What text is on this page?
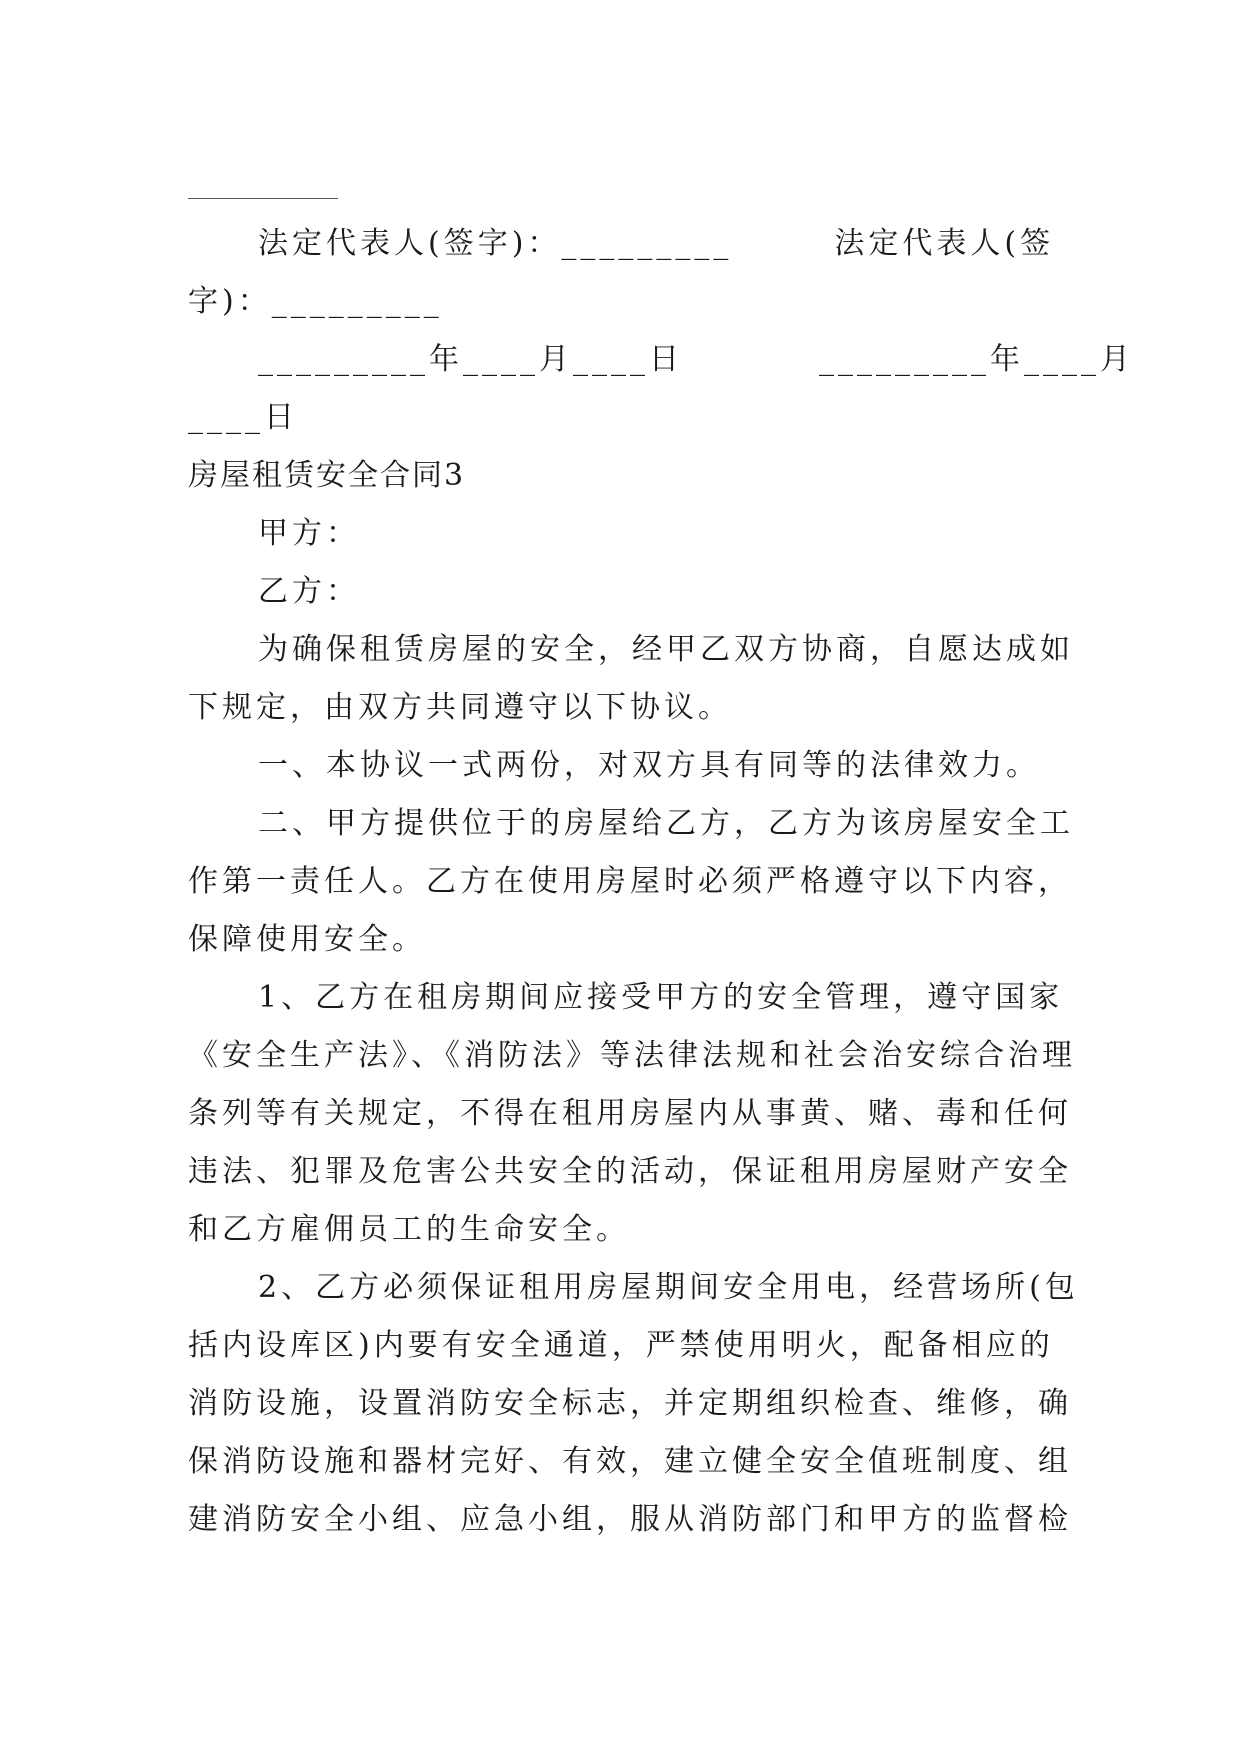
法定代表人(签字)：_________　　　法定代表人(签
字)：_________
_________年____月____日　　　　_________年____月
____日
房屋租赁安全合同3
甲方：
乙方：
为确保租赁房屋的安全，经甲乙双方协商，自愿达成如
下规定，由双方共同遵守以下协议。
一、本协议一式两份，对双方具有同等的法律效力。
二、甲方提供位于的房屋给乙方，乙方为该房屋安全工
作第一责任人。乙方在使用房屋时必须严格遵守以下内容，
保障使用安全。
1、乙方在租房期间应接受甲方的安全管理，遵守国家
《安全生产法》、《消防法》等法律法规和社会治安综合治理
条列等有关规定，不得在租用房屋内从事黄、赌、毒和任何
违法、犯罪及危害公共安全的活动，保证租用房屋财产安全
和乙方雇佣员工的生命安全。
2、乙方必须保证租用房屋期间安全用电，经营场所(包
括内设库区)内要有安全通道，严禁使用明火，配备相应的
消防设施，设置消防安全标志，并定期组织检查、维修，确
保消防设施和器材完好、有效，建立健全安全值班制度、组
建消防安全小组、应急小组，服从消防部门和甲方的监督检
